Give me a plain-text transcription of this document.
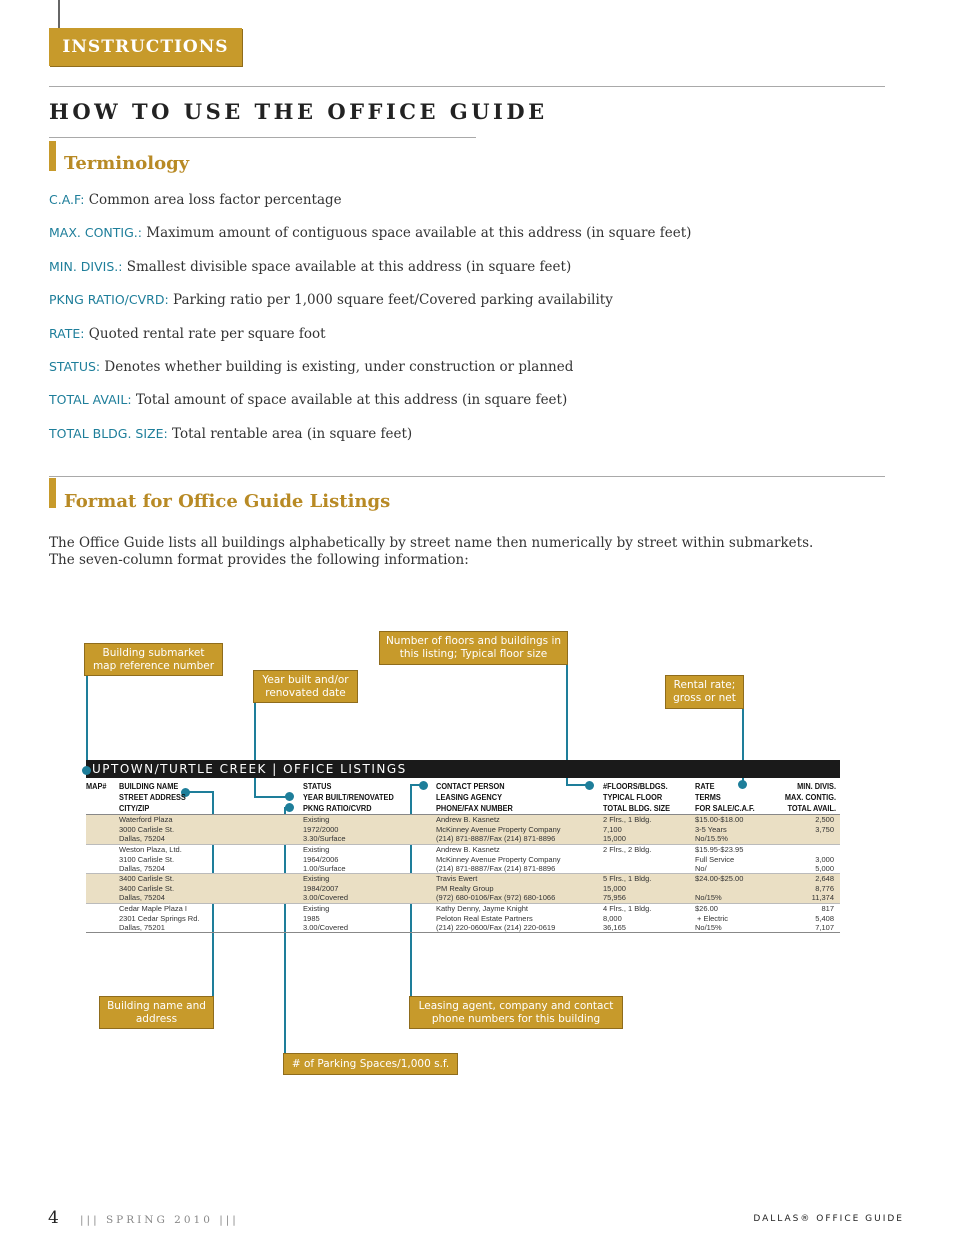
INSTRUCTIONS
HOW TO USE THE OFFICE GUIDE
Terminology
C.A.F: Common area loss factor percentage
MAX. CONTIG.: Maximum amount of contiguous space available at this address (in square feet)
MIN. DIVIS.: Smallest divisible space available at this address (in square feet)
PKNG RATIO/CVRD: Parking ratio per 1,000 square feet/Covered parking availability
RATE: Quoted rental rate per square foot
STATUS: Denotes whether building is existing, under construction or planned
TOTAL AVAIL: Total amount of space available at this address (in square feet)
TOTAL BLDG. SIZE: Total rentable area (in square feet)
Format for Office Guide Listings
The Office Guide lists all buildings alphabetically by street name then numerically by street within submarkets.
The seven-column format provides the following information:
Building submarket
map reference number
Year built and/or
renovated date
Number of floors and buildings in
this listing; Typical floor size
Rental rate;
gross or net
Building name and
address
Leasing agent, company and contact
phone numbers for this building
# of Parking Spaces/1,000 s.f.
UPTOWN/TURTLE CREEK | OFFICE LISTINGS
MAP# BUILDING NAME
STREET ADDRESS
CITY/ZIP
STATUS
YEAR BUILT/RENOVATED
PKNG RATIO/CVRD
CONTACT PERSON
LEASING AGENCY
PHONE/FAX NUMBER
#FLOORS/BLDGS.
TYPICAL FLOOR
TOTAL BLDG. SIZE
RATE
TERMS
FOR SALE/C.A.F.
MIN. DIVIS.
MAX. CONTIG.
TOTAL AVAIL.
Waterford Plaza
3000 Carlisle St.
Dallas, 75204
Existing
1972/2000
3.30/Surface
Andrew B. Kasnetz
McKinney Avenue Property Company
(214) 871-8887/Fax (214) 871-8896
2 Flrs., 1 Bldg.
7,100
15,000
$15.00-$18.00
3-5 Years
No/15.5%
2,500
3,750
Weston Plaza, Ltd.
3100 Carlisle St.
Dallas, 75204
Existing
1964/2006
1.00/Surface
Andrew B. Kasnetz
McKinney Avenue Property Company
(214) 871-8887/Fax (214) 871-8896
2 Flrs., 2 Bldg.	$15.95-$23.95
Full Service
No/

3,000
5,000
3400 Carlisle St.
3400 Carlisle St.
Dallas, 75204
Existing
1984/2007
3.00/Covered
Travis Ewert
PM Realty Group
(972) 680-0106/Fax (972) 680-1066
5 Flrs., 1 Bldg.
15,000
75,956
$24.00-$25.00

No/15%
2,648
8,776
11,374
Cedar Maple Plaza I
2301 Cedar Springs Rd.
Dallas, 75201
Existing
1985
3.00/Covered
Kathy Denny, Jayme Knight
Peloton Real Estate Partners
(214) 220-0600/Fax (214) 220-0619
4 Flrs., 1 Bldg.
8,000
36,165
$26.00
+ Electric
No/15%
817
5,408
7,107
4 ||| SPRING 2010 |||	DALLAS® OFFICE GUIDE
